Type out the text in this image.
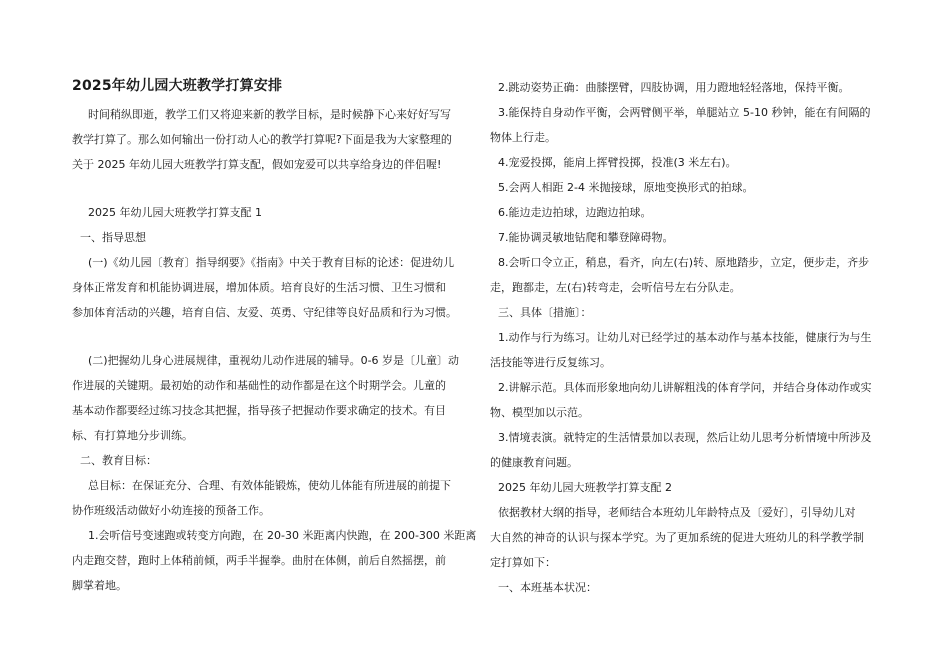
2025年幼儿园大班教学打算安排
时间稍纵即逝，教学工们又将迎来新的教学目标，是时候静下心来好好写写
教学打算了。那么如何输出一份打动人心的教学打算呢?下面是我为大家整理的
关于 2025 年幼儿园大班教学打算支配，假如宠爱可以共享给身边的伴侣喔!
2025 年幼儿园大班教学打算支配 1
一、指导思想
(一)《幼儿园〔教育〕指导纲要》《指南》中关于教育目标的论述：促进幼儿
身体正常发育和机能协调进展，增加体质。培育良好的生活习惯、卫生习惯和
参加体育活动的兴趣，培育自信、友爱、英勇、守纪律等良好品质和行为习惯。
(二)把握幼儿身心进展规律，重视幼儿动作进展的辅导。0-6 岁是〔儿童〕动
作进展的关键期。最初始的动作和基础性的动作都是在这个时期学会。儿童的
基本动作都要经过练习技念其把握，指导孩子把握动作要求确定的技术。有目
标、有打算地分步训练。
二、教育目标：
总目标：在保证充分、合理、有效体能锻炼，使幼儿体能有所进展的前提下
协作班级活动做好小幼连接的预备工作。
1.会听信号变速跑或转变方向跑，在 20-30 米距离内快跑，在 200-300 米距离
内走跑交替，跑时上体稍前倾，两手半握拳。曲肘在体侧，前后自然摇摆，前
脚掌着地。
2.跳动姿势正确：曲膝摆臂，四肢协调，用力蹬地轻轻落地，保持平衡。
3.能保持自身动作平衡，会两臂侧平举，单腿站立 5-10 秒钟，能在有间隔的
物体上行走。
4.宠爱投掷，能肩上挥臂投掷，投准(3 米左右)。
5.会两人相距 2-4 米抛接球，原地变换形式的拍球。
6.能边走边拍球，边跑边拍球。
7.能协调灵敏地钻爬和攀登障碍物。
8.会听口令立正，稍息，看齐，向左(右)转、原地踏步，立定，便步走，齐步
走，跑都走，左(右)转弯走，会听信号左右分队走。
三、具体〔措施〕：
1.动作与行为练习。让幼儿对已经学过的基本动作与基本技能，健康行为与生
活技能等进行反复练习。
2.讲解示范。具体而形象地向幼儿讲解粗浅的体育学问，并结合身体动作或实
物、模型加以示范。
3.情境表演。就特定的生活情景加以表现，然后让幼儿思考分析情境中所涉及
的健康教育问题。
2025 年幼儿园大班教学打算支配 2
依据教材大纲的指导，老师结合本班幼儿年龄特点及〔爱好〕，引导幼儿对
大自然的神奇的认识与探本学究。为了更加系统的促进大班幼儿的科学教学制
定打算如下：
一、本班基本状况：
